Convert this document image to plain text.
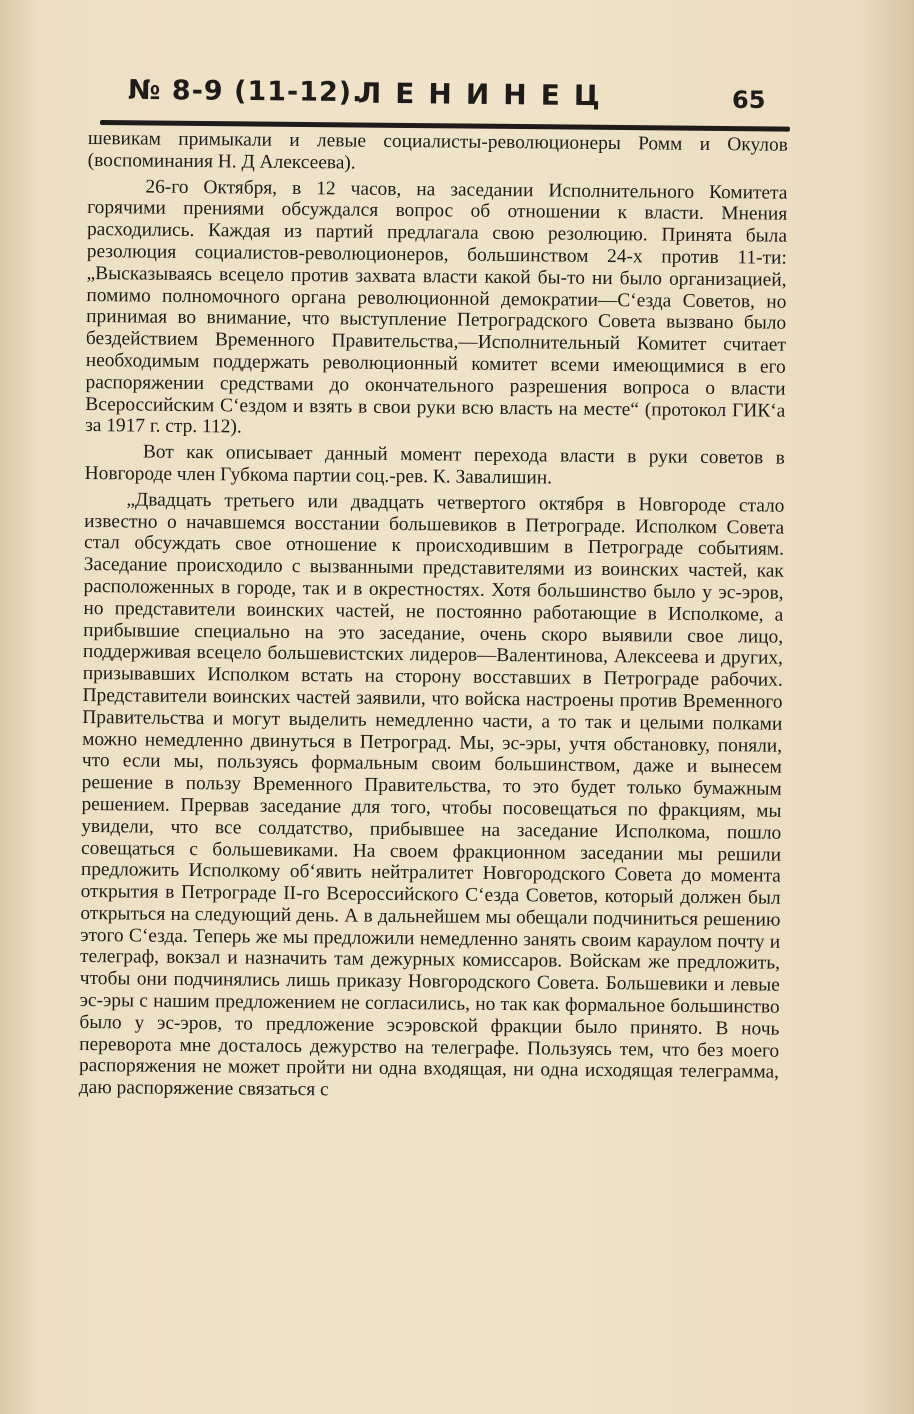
№ 8-9 (11-12).
ЛЕНИНЕЦ	65

шевикам примыкали и левые социалисты-революционеры Ромм и Окулов (воспоминания Н. Д Алексеева).

26-го Октября, в 12 часов, на заседании Исполнительного Комитета горячими прениями обсуждался вопрос об отношении к власти. Мнения расходились. Каждая из партий предлагала свою резолюцию. Принята была резолюция социалистов-революционеров, большинством 24-х против 11-ти: „Высказываясь всецело против захвата власти какой бы-то ни было организацией, помимо полномочного органа революционной демократии—С‘езда Советов, но принимая во внимание, что выступление Петроградского Совета вызвано было бездействием Временного Правительства,—Исполнительный Комитет считает необходимым поддержать революционный комитет всеми имеющимися в его распоряжении средствами до окончательного разрешения вопроса о власти Всероссийским С‘ездом и взять в свои руки всю власть на месте“ (протокол ГИК‘а за 1917 г. стр. 112).

Вот как описывает данный момент перехода власти в руки советов в Новгороде член Губкома партии соц.-рев. К. Завалишин.

„Двадцать третьего или двадцать четвертого октября в Новгороде стало известно о начавшемся восстании большевиков в Петрограде. Исполком Совета стал обсуждать свое отношение к происходившим в Петрограде событиям. Заседание происходило с вызванными представителями из воинских частей, как расположенных в городе, так и в окрестностях. Хотя большинство было у эс-эров, но представители воинских частей, не постоянно работающие в Исполкоме, а прибывшие специально на это заседание, очень скоро выявили свое лицо, поддерживая всецело большевистских лидеров—Валентинова, Алексеева и других, призывавших Исполком встать на сторону восставших в Петрограде рабочих. Представители воинских частей заявили, что войска настроены против Временного Правительства и могут выделить немедленно части, а то так и целыми полками можно немедленно двинуться в Петроград. Мы, эс-эры, учтя обстановку, поняли, что если мы, пользуясь формальным своим большинством, даже и вынесем решение в пользу Временного Правительства, то это будет только бумажным решением. Прервав заседание для того, чтобы посовещаться по фракциям, мы увидели, что все солдатство, прибывшее на заседание Исполкома, пошло совещаться с большевиками. На своем фракционном заседании мы решили предложить Исполкому об‘явить нейтралитет Новгородского Совета до момента открытия в Петрограде II-го Всероссийского С‘езда Советов, который должен был открыться на следующий день. А в дальнейшем мы обещали подчиниться решению этого С‘езда. Теперь же мы предложили немедленно занять своим караулом почту и телеграф, вокзал и назначить там дежурных комиссаров. Войскам же предложить, чтобы они подчинялись лишь приказу Новгородского Совета. Большевики и левые эс-эры с нашим предложением не согласились, но так как формальное большинство было у эс-эров, то предложение эсэровской фракции было принято. В ночь переворота мне досталось дежурство на телеграфе. Пользуясь тем, что без моего распоряжения не может пройти ни одна входящая, ни одна исходящая телеграмма, даю распоряжение связаться с
